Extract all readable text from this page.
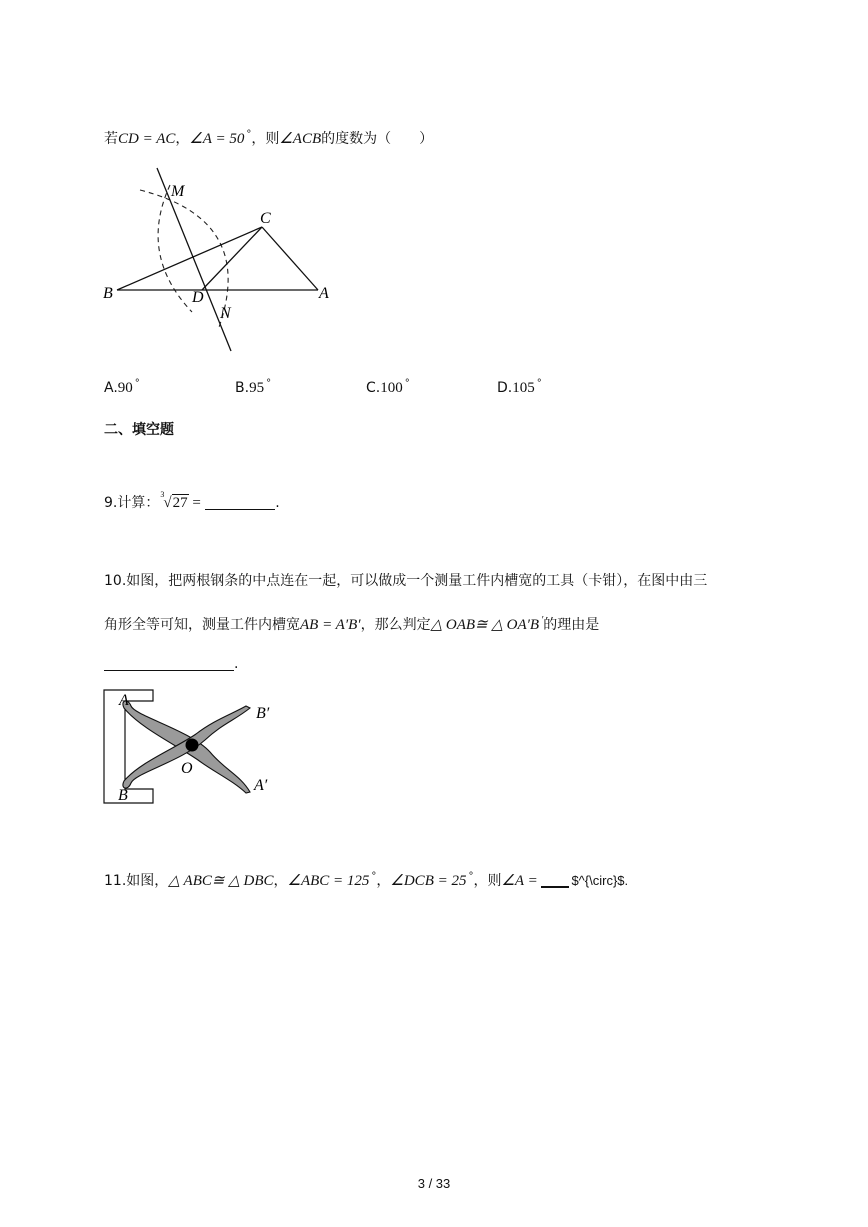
若CD = AC，∠A = 50 °，则∠ACB的度数为（　　）
M
C
B	D	A
N
A.90 °	B.95 °	C.100 °	D.105 °
二、填空题
9.计算：
3
√27 =	.
10.如图，把两根钢条的中点连在一起，可以做成一个测量工件内槽宽的工具（卡钳），在图中由三
角形全等可知，测量工件内槽宽AB = A′B′，那么判定△ OAB≅ △ OA′B ′的理由是
.
A
B′
O
B
A′
11.如图，△ ABC≅ △ DBC，∠ABC = 125 °，∠DCB = 25 °，则∠A = $^{\circ}$.
3 / 33
